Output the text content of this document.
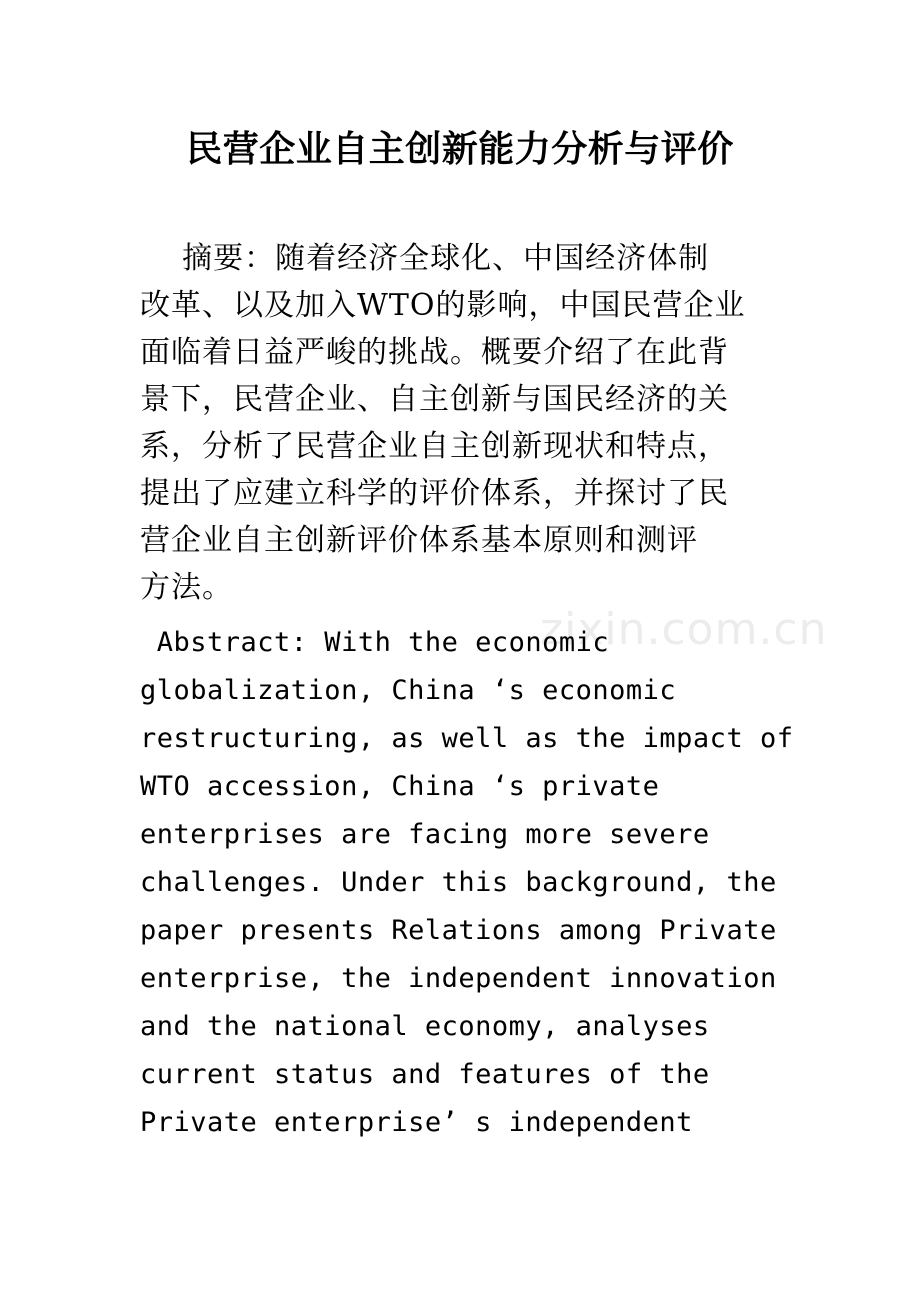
zixin.com.cn
民营企业自主创新能力分析与评价
摘要：随着经济全球化、中国经济体制
改革、以及加入WTO的影响，中国民营企业
面临着日益严峻的挑战。概要介绍了在此背
景下，民营企业、自主创新与国民经济的关
系，分析了民营企业自主创新现状和特点，
提出了应建立科学的评价体系，并探讨了民
营企业自主创新评价体系基本原则和测评
方法。
Abstract: With the economic
globalization, China ‘s economic
restructuring, as well as the impact of
WTO accession, China ‘s private
enterprises are facing more severe
challenges. Under this background, the
paper presents Relations among Private
enterprise, the independent innovation
and the national economy, analyses
current status and features of the
Private enterprise’ s independent
